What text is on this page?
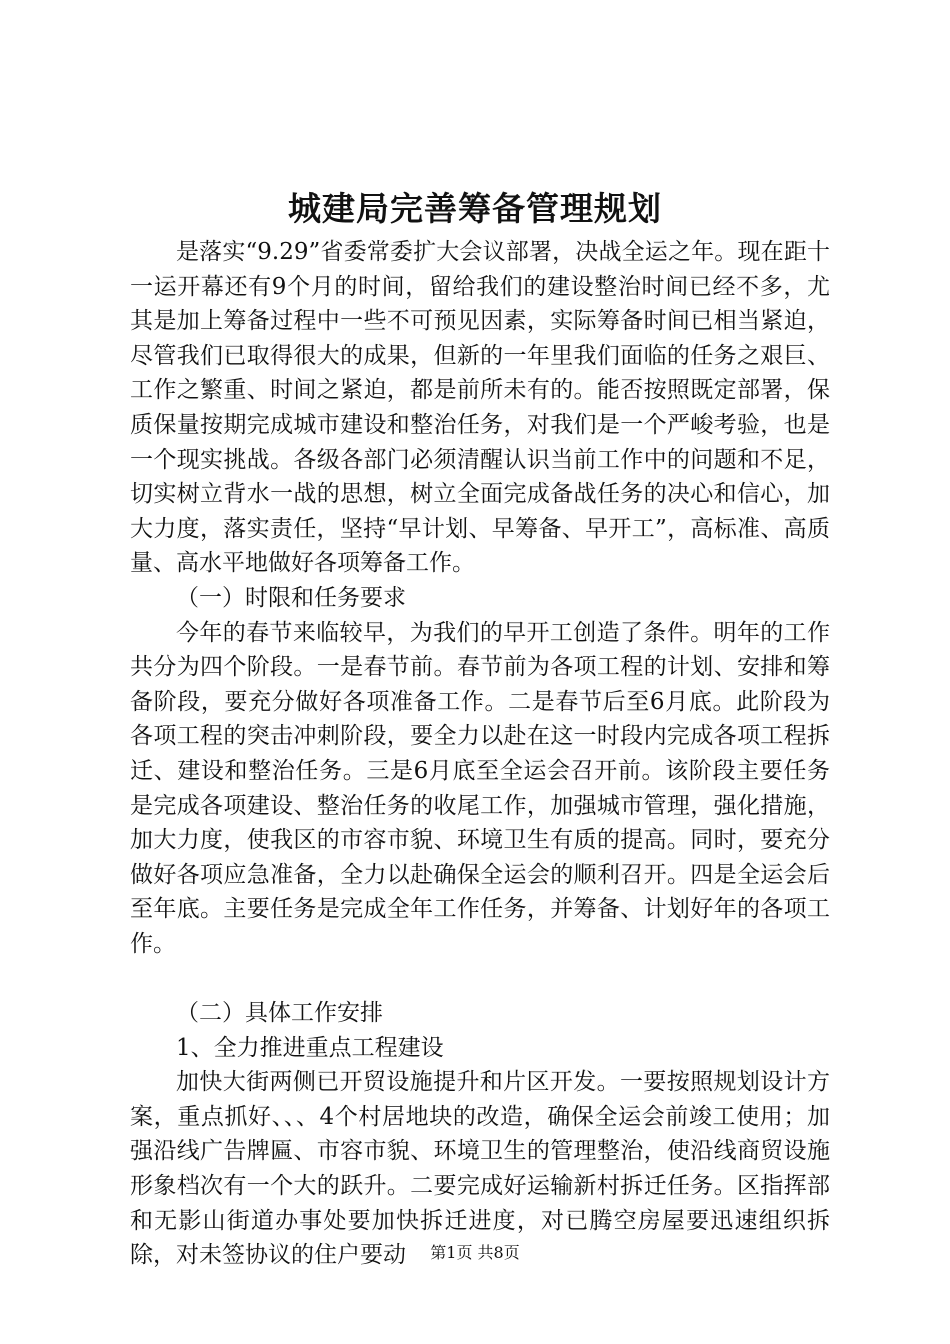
城建局完善筹备管理规划

是落实“9.29”省委常委扩大会议部署，决战全运之年。现在距十一运开幕还有9个月的时间，留给我们的建设整治时间已经不多，尤其是加上筹备过程中一些不可预见因素，实际筹备时间已相当紧迫，尽管我们已取得很大的成果，但新的一年里我们面临的任务之艰巨、工作之繁重、时间之紧迫，都是前所未有的。能否按照既定部署，保质保量按期完成城市建设和整治任务，对我们是一个严峻考验，也是一个现实挑战。各级各部门必须清醒认识当前工作中的问题和不足，切实树立背水一战的思想，树立全面完成备战任务的决心和信心，加大力度，落实责任，坚持“早计划、早筹备、早开工”，高标准、高质量、高水平地做好各项筹备工作。

（一）时限和任务要求

今年的春节来临较早，为我们的早开工创造了条件。明年的工作共分为四个阶段。一是春节前。春节前为各项工程的计划、安排和筹备阶段，要充分做好各项准备工作。二是春节后至6月底。此阶段为各项工程的突击冲刺阶段，要全力以赴在这一时段内完成各项工程拆迁、建设和整治任务。三是6月底至全运会召开前。该阶段主要任务是完成各项建设、整治任务的收尾工作，加强城市管理，强化措施，加大力度，使我区的市容市貌、环境卫生有质的提高。同时，要充分做好各项应急准备，全力以赴确保全运会的顺利召开。四是全运会后至年底。主要任务是完成全年工作任务，并筹备、计划好年的各项工作。

（二）具体工作安排

1、全力推进重点工程建设

加快大街两侧已开贸设施提升和片区开发。一要按照规划设计方案，重点抓好、、、4个村居地块的改造，确保全运会前竣工使用；加强沿线广告牌匾、市容市貌、环境卫生的管理整治，使沿线商贸设施形象档次有一个大的跃升。二要完成好运输新村拆迁任务。区指挥部和无影山街道办事处要加快拆迁进度，对已腾空房屋要迅速组织拆除，对未签协议的住户要动	第1页 共8页
